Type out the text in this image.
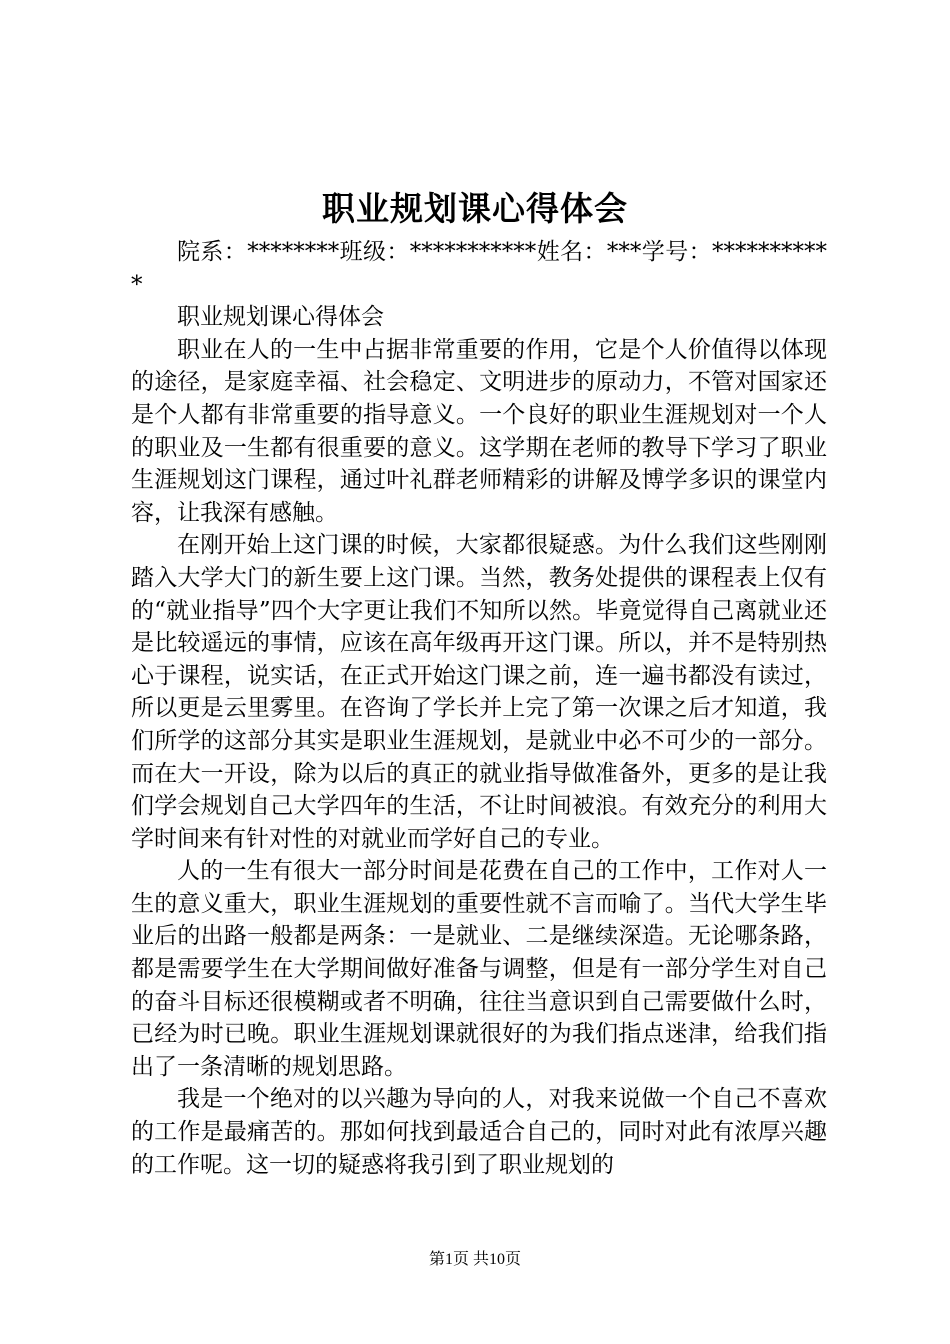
职业规划课心得体会

院系：********班级：***********姓名：***学号：***********

职业规划课心得体会

职业在人的一生中占据非常重要的作用，它是个人价值得以体现的途径，是家庭幸福、社会稳定、文明进步的原动力，不管对国家还是个人都有非常重要的指导意义。一个良好的职业生涯规划对一个人的职业及一生都有很重要的意义。这学期在老师的教导下学习了职业生涯规划这门课程，通过叶礼群老师精彩的讲解及博学多识的课堂内容，让我深有感触。

在刚开始上这门课的时候，大家都很疑惑。为什么我们这些刚刚踏入大学大门的新生要上这门课。当然，教务处提供的课程表上仅有的“就业指导”四个大字更让我们不知所以然。毕竟觉得自己离就业还是比较遥远的事情，应该在高年级再开这门课。所以，并不是特别热心于课程，说实话，在正式开始这门课之前，连一遍书都没有读过，所以更是云里雾里。在咨询了学长并上完了第一次课之后才知道，我们所学的这部分其实是职业生涯规划，是就业中必不可少的一部分。而在大一开设，除为以后的真正的就业指导做准备外，更多的是让我们学会规划自己大学四年的生活，不让时间被浪。有效充分的利用大学时间来有针对性的对就业而学好自己的专业。

人的一生有很大一部分时间是花费在自己的工作中，工作对人一生的意义重大，职业生涯规划的重要性就不言而喻了。当代大学生毕业后的出路一般都是两条：一是就业、二是继续深造。无论哪条路，都是需要学生在大学期间做好准备与调整，但是有一部分学生对自己的奋斗目标还很模糊或者不明确，往往当意识到自己需要做什么时，已经为时已晚。职业生涯规划课就很好的为我们指点迷津，给我们指出了一条清晰的规划思路。

我是一个绝对的以兴趣为导向的人，对我来说做一个自己不喜欢的工作是最痛苦的。那如何找到最适合自己的，同时对此有浓厚兴趣的工作呢。这一切的疑惑将我引到了职业规划的

第1页 共10页
